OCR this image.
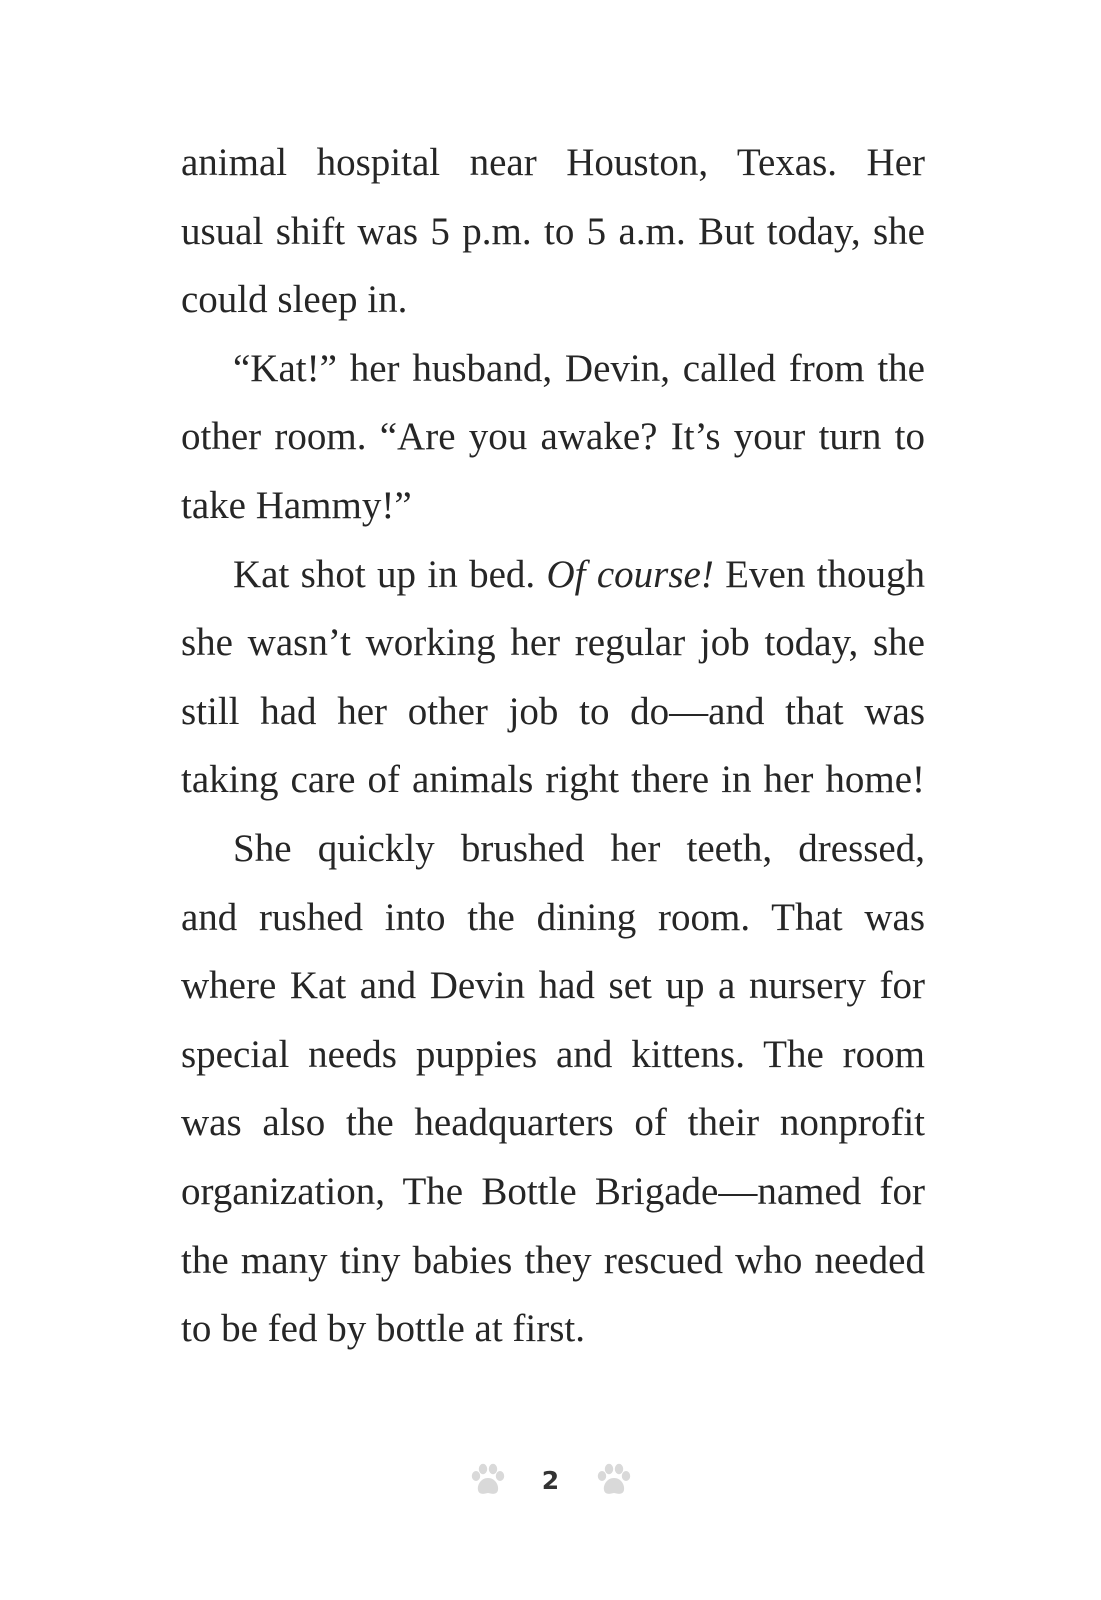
animal hospital near Houston, Texas. Her
usual shift was 5 p.m. to 5 a.m. But today, she
could sleep in.
“Kat!” her husband, Devin, called from the
other room. “Are you awake? It’s your turn to
take Hammy!”
Kat shot up in bed. Of course! Even though
she wasn’t working her regular job today, she
still had her other job to do—and that was
taking care of animals right there in her home!
She quickly brushed her teeth, dressed,
and rushed into the dining room. That was
where Kat and Devin had set up a nursery for
special needs puppies and kittens. The room
was also the headquarters of their nonprofit
organization, The Bottle Brigade—named for
the many tiny babies they rescued who needed
to be fed by bottle at first.
2
